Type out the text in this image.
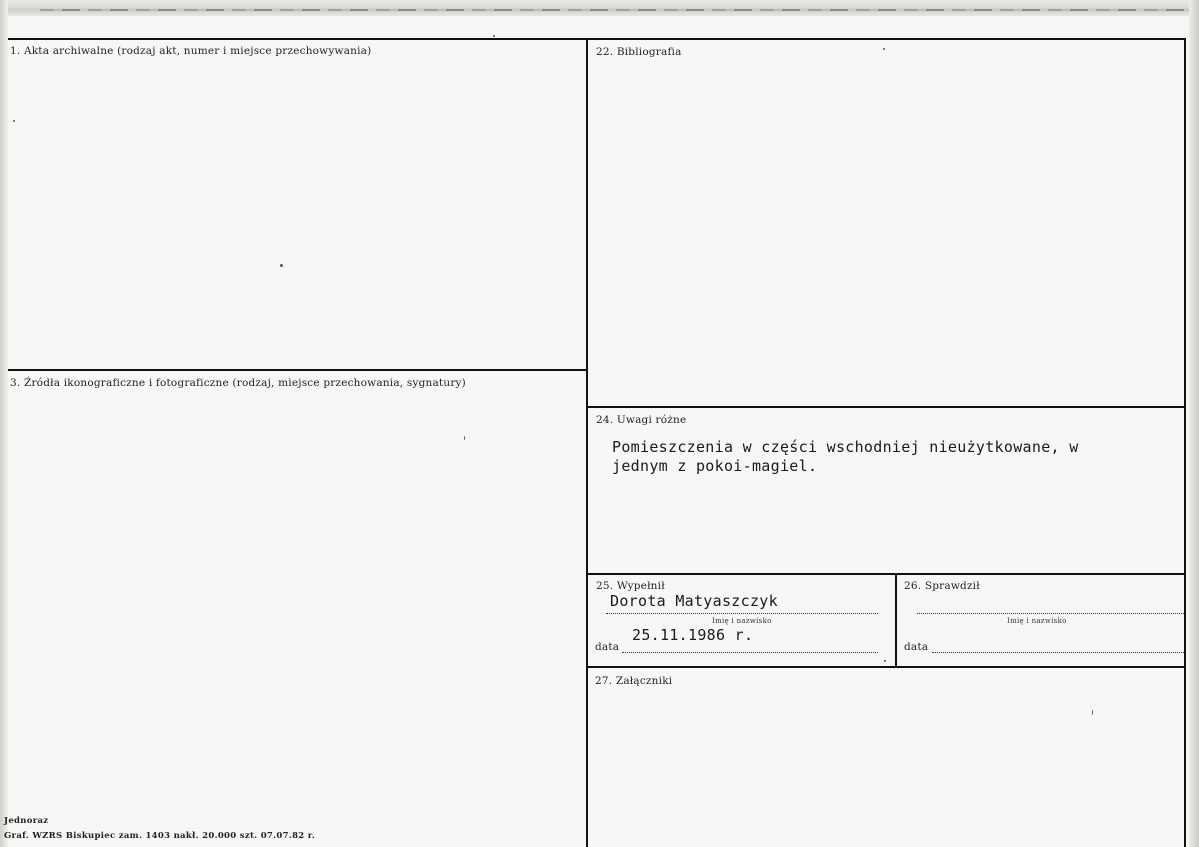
1. Akta archiwalne (rodzaj akt, numer i miejsce przechowywania)	22. Bibliografia
3. Źródła ikonograficzne i fotograficzne (rodzaj, miejsce przechowania, sygnatury)
24. Uwagi różne
Pomieszczenia w części wschodniej nieużytkowane, w
jednym z pokoi-magiel.
25. Wypełnił
Dorota Matyaszczyk
Imię i nazwisko
25.11.1986 r.
data
26. Sprawdził
Imię i nazwisko
data
27. Załączniki
Jednoraz
Graf. WZRS Biskupiec zam. 1403 nakł. 20.000 szt. 07.07.82 r.
